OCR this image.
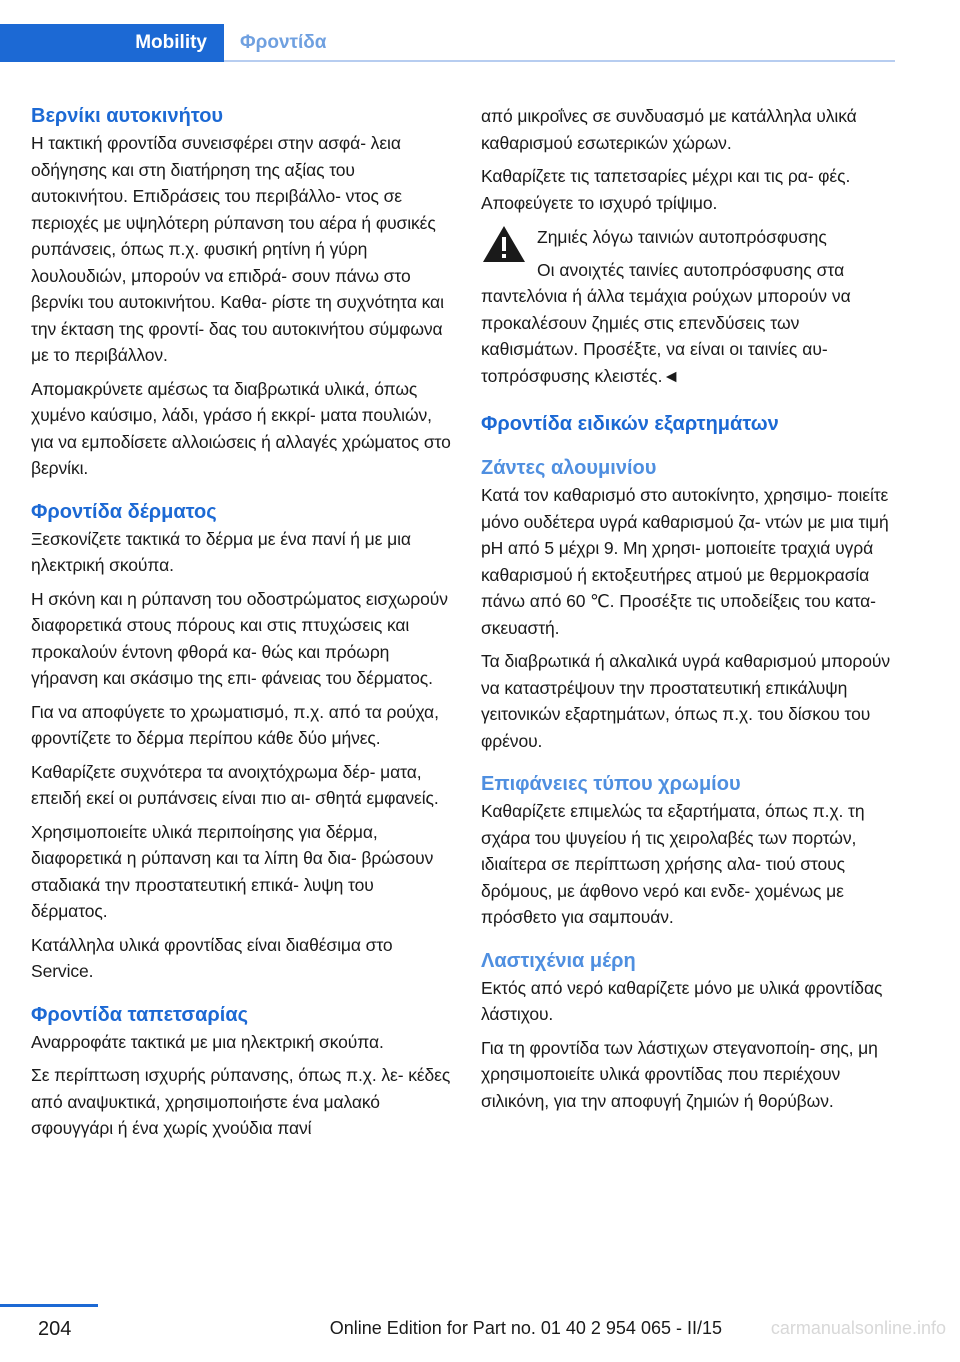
Mobility Φροντίδα
Βερνίκι αυτοκινήτου

Η τακτική φροντίδα συνεισφέρει στην ασφά- λεια οδήγησης και στη διατήρηση της αξίας του αυτοκινήτου. Επιδράσεις του περιβάλλο- ντος σε περιοχές με υψηλότερη ρύπανση του αέρα ή φυσικές ρυπάνσεις, όπως π.χ. φυσική ρητίνη ή γύρη λουλουδιών, μπορούν να επιδρά- σουν πάνω στο βερνίκι του αυτοκινήτου. Καθα- ρίστε τη συχνότητα και την έκταση της φροντί- δας του αυτοκινήτου σύμφωνα με το περιβάλλον.

Απομακρύνετε αμέσως τα διαβρωτικά υλικά, όπως χυμένο καύσιμο, λάδι, γράσο ή εκκρί- ματα πουλιών, για να εμποδίσετε αλλοιώσεις ή αλλαγές χρώματος στο βερνίκι.

Φροντίδα δέρματος

Ξεσκονίζετε τακτικά το δέρμα με ένα πανί ή με μια ηλεκτρική σκούπα.

Η σκόνη και η ρύπανση του οδοστρώματος εισχωρούν διαφορετικά στους πόρους και στις πτυχώσεις και προκαλούν έντονη φθορά κα- θώς και πρόωρη γήρανση και σκάσιμο της επι- φάνειας του δέρματος.

Για να αποφύγετε το χρωματισμό, π.χ. από τα ρούχα, φροντίζετε το δέρμα περίπου κάθε δύο μήνες.

Καθαρίζετε συχνότερα τα ανοιχτόχρωμα δέρ- ματα, επειδή εκεί οι ρυπάνσεις είναι πιο αι- σθητά εμφανείς.

Χρησιμοποιείτε υλικά περιποίησης για δέρμα, διαφορετικά η ρύπανση και τα λίπη θα δια- βρώσουν σταδιακά την προστατευτική επικά- λυψη του δέρματος.

Κατάλληλα υλικά φροντίδας είναι διαθέσιμα στο Service.

Φροντίδα ταπετσαρίας

Αναρροφάτε τακτικά με μια ηλεκτρική σκούπα.

Σε περίπτωση ισχυρής ρύπανσης, όπως π.χ. λε- κέδες από αναψυκτικά, χρησιμοποιήστε ένα μαλακό σφουγγάρι ή ένα χωρίς χνούδια πανί

από μικροΐνες σε συνδυασμό με κατάλληλα υλικά καθαρισμού εσωτερικών χώρων.

Καθαρίζετε τις ταπετσαρίες μέχρι και τις ρα- φές. Αποφεύγετε το ισχυρό τρίψιμο.

Ζημιές λόγω ταινιών αυτοπρόσφυσης

Οι ανοιχτές ταινίες αυτοπρόσφυσης στα

παντελόνια ή άλλα τεμάχια ρούχων μπορούν να προκαλέσουν ζημιές στις επενδύσεις των καθισμάτων. Προσέξτε, να είναι οι ταινίες αυ- τοπρόσφυσης κλειστές.◄

Φροντίδα ειδικών εξαρτημάτων
Ζάντες αλουμινίου

Κατά τον καθαρισμό στο αυτοκίνητο, χρησιμο- ποιείτε μόνο ουδέτερα υγρά καθαρισμού ζα- ντών με μια τιμή pH από 5 μέχρι 9. Μη χρησι- μοποιείτε τραχιά υγρά καθαρισμού ή εκτοξευτήρες ατμού με θερμοκρασία πάνω από 60 ℃. Προσέξτε τις υποδείξεις του κατα- σκευαστή.

Τα διαβρωτικά ή αλκαλικά υγρά καθαρισμού μπορούν να καταστρέψουν την προστατευτική επικάλυψη γειτονικών εξαρτημάτων, όπως π.χ. του δίσκου του φρένου.

Επιφάνειες τύπου χρωμίου

Καθαρίζετε επιμελώς τα εξαρτήματα, όπως π.χ. τη σχάρα του ψυγείου ή τις χειρολαβές των πορτών, ιδιαίτερα σε περίπτωση χρήσης αλα- τιού στους δρόμους, με άφθονο νερό και ενδε- χομένως με πρόσθετο για σαμπουάν.

Λαστιχένια μέρη

Εκτός από νερό καθαρίζετε μόνο με υλικά φροντίδας λάστιχου.

Για τη φροντίδα των λάστιχων στεγανοποίη- σης, μη χρησιμοποιείτε υλικά φροντίδας που περιέχουν σιλικόνη, για την αποφυγή ζημιών ή θορύβων.

204	Online Edition for Part no. 01 40 2 954 065 - II/15	carmanualsonline.info
